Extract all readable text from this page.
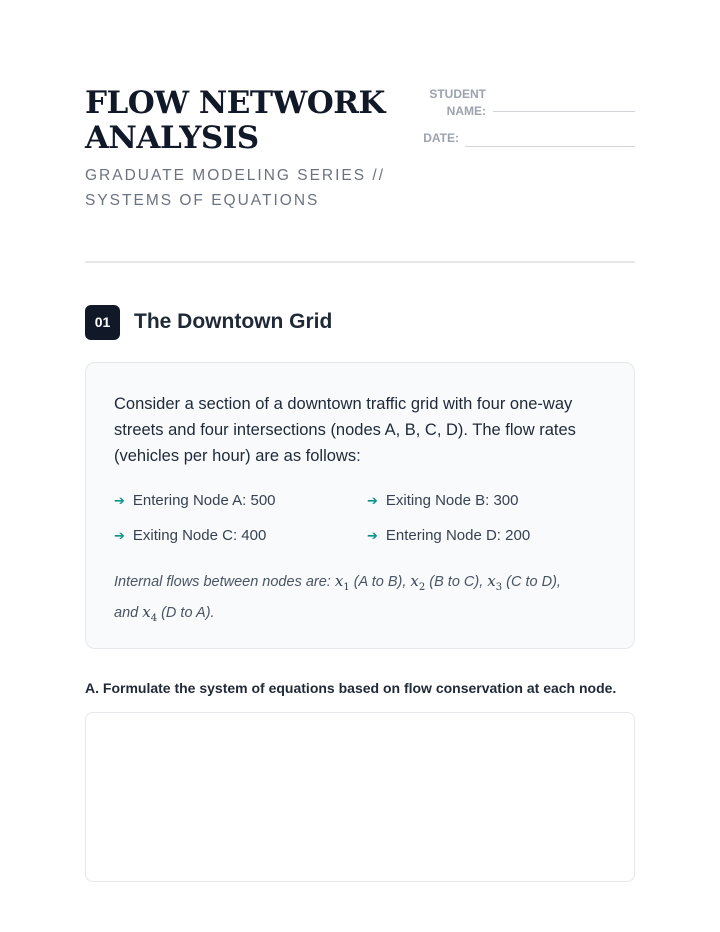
FLOW NETWORK
ANALYSIS

GRADUATE MODELING SERIES //
SYSTEMS OF EQUATIONS

STUDENT
NAME:
DATE:
01	The Downtown Grid

Consider a section of a downtown traffic grid with four one-way streets and four intersections (nodes A, B, C, D). The flow rates (vehicles per hour) are as follows:

➔ Entering Node A: 500	➔ Exiting Node B: 300
➔ Exiting Node C: 400	➔ Entering Node D: 200

Internal flows between nodes are: $x_1$ (A to B), $x_2$ (B to C), $x_3$ (C to D),
and $x_4$ (D to A).

A. Formulate the system of equations based on flow conservation at each node.
